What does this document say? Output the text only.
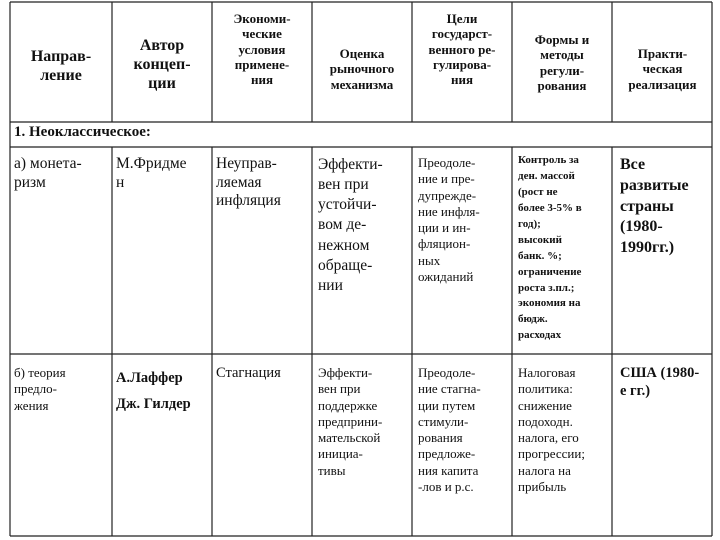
Направ-
ление
Автор
концеп-
ции
Экономи-
ческие
условия
примене-
ния
Оценка
рыночного
механизма
Цели
государст-
венного ре-
гулирова-
ния
Формы и
методы
регули-
рования
Практи-
ческая
реализация
1. Неоклассическое:
а) монета-
ризм
М.Фридме
н
Неуправ-
ляемая
инфляция
Эффекти-
вен при
устойчи-
вом де-
нежном
обраще-
нии
Преодоле-
ние и пре-
дупрежде-
ние инфля-
ции и ин-
фляцион-
ных
ожиданий
Контроль за
ден. массой
(рост не
более 3-5% в
год);
высокий
банк. %;
ограничение
роста з.пл.;
экономия на
бюдж.
расходах
Все
развитые
страны
(1980-
1990гг.)
б) теория
предло-
жения
А.Лаффер
Дж. Гилдер
Стагнация	Эффекти-
вен при
поддержке
предприни-
мательской
инициа-
тивы
Преодоле-
ние стагна-
ции путем
стимули-
рования
предложе-
ния капита
-лов и р.с.
Налоговая
политика:
снижение
подоходн.
налога, его
прогрессии;
налога на
прибыль
США (1980-
е гг.)
